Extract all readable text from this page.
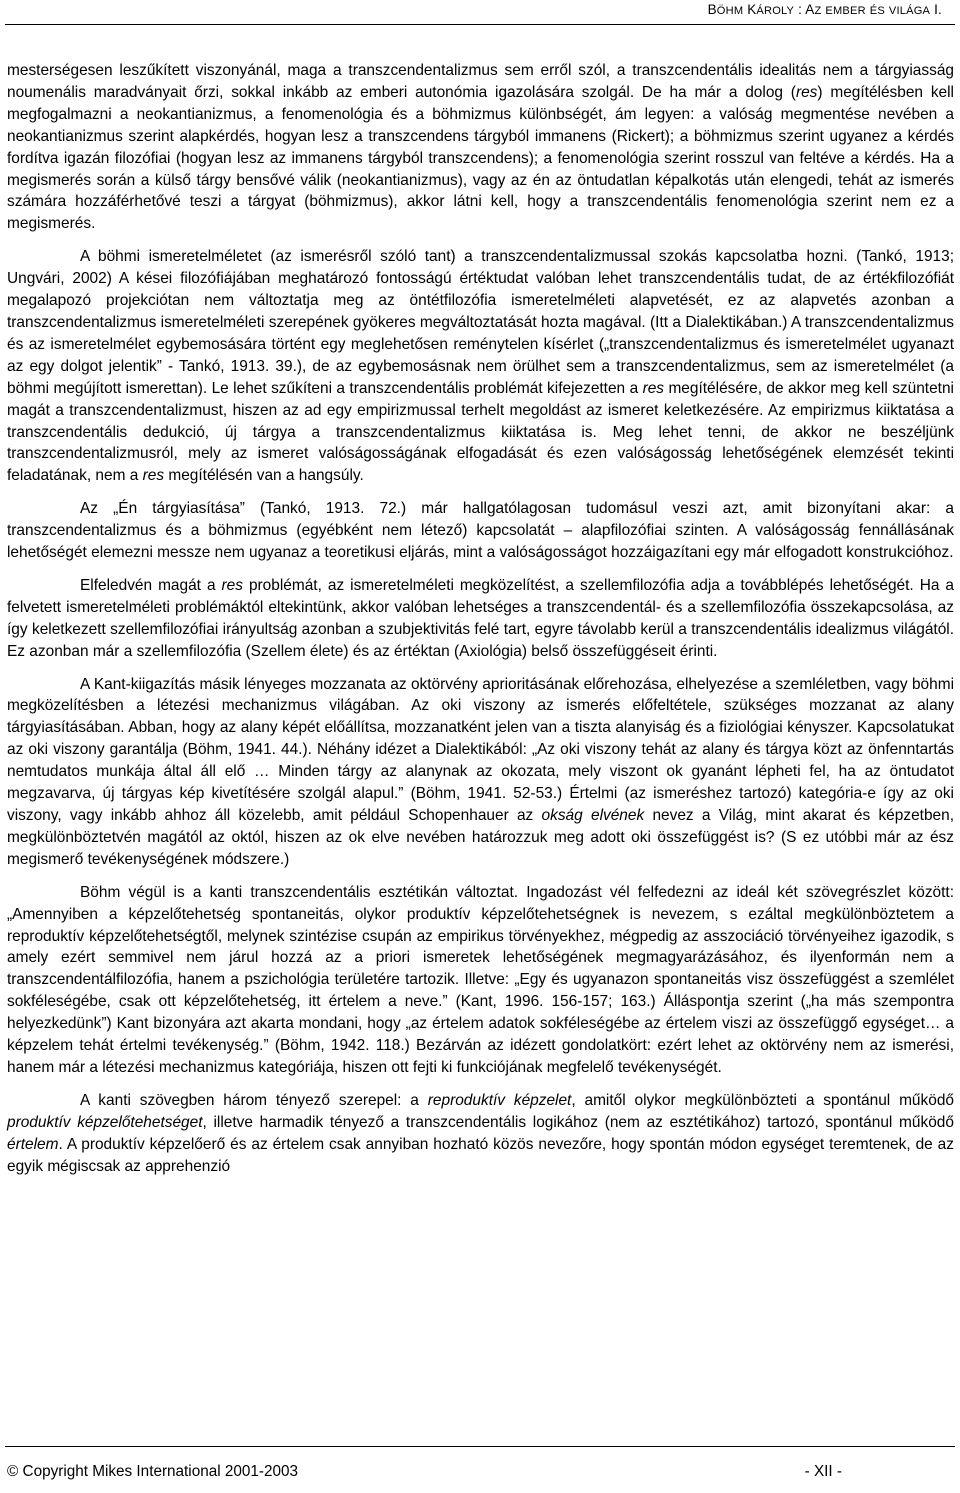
BÖHM KÁROLY : AZ EMBER ÉS VILÁGA I.

mesterségesen leszűkített viszonyánál, maga a transzcendentalizmus sem erről szól, a transzcendentális idealitás nem a tárgyiasság noumenális maradványait őrzi, sokkal inkább az emberi autonómia igazolására szolgál. De ha már a dolog (res) megítélésben kell megfogalmazni a neokantianizmus, a fenomenológia és a böhmizmus különbségét, ám legyen: a valóság megmentése nevében a neokantianizmus szerint alapkérdés, hogyan lesz a transzcendens tárgyból immanens (Rickert); a böhmizmus szerint ugyanez a kérdés fordítva igazán filozófiai (hogyan lesz az immanens tárgyból transzcendens); a fenomenológia szerint rosszul van feltéve a kérdés. Ha a megismerés során a külső tárgy bensővé válik (neokantianizmus), vagy az én az öntudatlan képalkotás után elengedi, tehát az ismerés számára hozzáférhetővé teszi a tárgyat (böhmizmus), akkor látni kell, hogy a transzcendentális fenomenológia szerint nem ez a megismerés.

A böhmi ismeretelméletet (az ismerésről szóló tant) a transzcendentalizmussal szokás kapcsolatba hozni. (Tankó, 1913; Ungvári, 2002) A kései filozófiájában meghatározó fontosságú értéktudat valóban lehet transzcendentális tudat, de az értékfilozófiát megalapozó projekciótan nem változtatja meg az öntétfilozófia ismeretelméleti alapvetését, ez az alapvetés azonban a transzcendentalizmus ismeretelméleti szerepének gyökeres megváltoztatását hozta magával. (Itt a Dialektikában.) A transzcendentalizmus és az ismeretelmélet egybemosására történt egy meglehetősen reménytelen kísérlet („transzcendentalizmus és ismeretelmélet ugyanazt az egy dolgot jelentik” - Tankó, 1913. 39.), de az egybemosásnak nem örülhet sem a transzcendentalizmus, sem az ismeretelmélet (a böhmi megújított ismerettan). Le lehet szűkíteni a transzcendentális problémát kifejezetten a res megítélésére, de akkor meg kell szüntetni magát a transzcendentalizmust, hiszen az ad egy empirizmussal terhelt megoldást az ismeret keletkezésére. Az empirizmus kiiktatása a transzcendentális dedukció, új tárgya a transzcendentalizmus kiiktatása is. Meg lehet tenni, de akkor ne beszéljünk transzcendentalizmusról, mely az ismeret valóságosságának elfogadását és ezen valóságosság lehetőségének elemzését tekinti feladatának, nem a res megítélésén van a hangsúly.

Az „Én tárgyiasítása” (Tankó, 1913. 72.) már hallgatólagosan tudomásul veszi azt, amit bizonyítani akar: a transzcendentalizmus és a böhmizmus (egyébként nem létező) kapcsolatát – alapfilozófiai szinten. A valóságosság fennállásának lehetőségét elemezni messze nem ugyanaz a teoretikusi eljárás, mint a valóságosságot hozzáigazítani egy már elfogadott konstrukcióhoz.

Elfeledvén magát a res problémát, az ismeretelméleti megközelítést, a szellemfilozófia adja a továbblépés lehetőségét. Ha a felvetett ismeretelméleti problémáktól eltekintünk, akkor valóban lehetséges a transzcendentál- és a szellemfilozófia összekapcsolása, az így keletkezett szellemfilozófiai irányultság azonban a szubjektivitás felé tart, egyre távolabb kerül a transzcendentális idealizmus világától. Ez azonban már a szellemfilozófia (Szellem élete) és az értéktan (Axiológia) belső összefüggéseit érinti.

A Kant-kiigazítás másik lényeges mozzanata az oktörvény aprioritásának előrehozása, elhelyezése a szemléletben, vagy böhmi megközelítésben a létezési mechanizmus világában. Az oki viszony az ismerés előfeltétele, szükséges mozzanat az alany tárgyiasításában. Abban, hogy az alany képét előállítsa, mozzanatként jelen van a tiszta alanyiság és a fiziológiai kényszer. Kapcsolatukat az oki viszony garantálja (Böhm, 1941. 44.). Néhány idézet a Dialektikából: „Az oki viszony tehát az alany és tárgya közt az önfenntartás nemtudatos munkája által áll elő … Minden tárgy az alanynak az okozata, mely viszont ok gyanánt lépheti fel, ha az öntudatot megzavarva, új tárgyas kép kivetítésére szolgál alapul.” (Böhm, 1941. 52-53.) Értelmi (az ismeréshez tartozó) kategória-e így az oki viszony, vagy inkább ahhoz áll közelebb, amit például Schopenhauer az okság elvének nevez a Világ, mint akarat és képzetben, megkülönböztetvén magától az októl, hiszen az ok elve nevében határozzuk meg adott oki összefüggést is? (S ez utóbbi már az ész megismerő tevékenységének módszere.)

Böhm végül is a kanti transzcendentális esztétikán változtat. Ingadozást vél felfedezni az ideál két szövegrészlet között: „Amennyiben a képzelőtehetség spontaneitás, olykor produktív képzelőtehetségnek is nevezem, s ezáltal megkülönböztetem a reproduktív képzelőtehetségtől, melynek szintézise csupán az empirikus törvényekhez, mégpedig az asszociáció törvényeihez igazodik, s amely ezért semmivel nem járul hozzá az a priori ismeretek lehetőségének megmagyarázásához, és ilyenformán nem a transzcendentálfilozófia, hanem a pszichológia területére tartozik. Illetve: „Egy és ugyanazon spontaneitás visz összefüggést a szemlélet sokféleségébe, csak ott képzelőtehetség, itt értelem a neve.” (Kant, 1996. 156-157; 163.) Álláspontja szerint („ha más szempontra helyezkedünk”) Kant bizonyára azt akarta mondani, hogy „az értelem adatok sokféleségébe az értelem viszi az összefüggő egységet… a képzelem tehát értelmi tevékenység.” (Böhm, 1942. 118.) Bezárván az idézett gondolatkört: ezért lehet az oktörvény nem az ismerési, hanem már a létezési mechanizmus kategóriája, hiszen ott fejti ki funkciójának megfelelő tevékenységét.

A kanti szövegben három tényező szerepel: a reproduktív képzelet, amitől olykor megkülönbözteti a spontánul működő produktív képzelőtehetséget, illetve harmadik tényező a transzcendentális logikához (nem az esztétikához) tartozó, spontánul működő értelem. A produktív képzelőerő és az értelem csak annyiban hozható közös nevezőre, hogy spontán módon egységet teremtenek, de az egyik mégiscsak az apprehenzió

© Copyright Mikes International 2001-2003	- XII -
